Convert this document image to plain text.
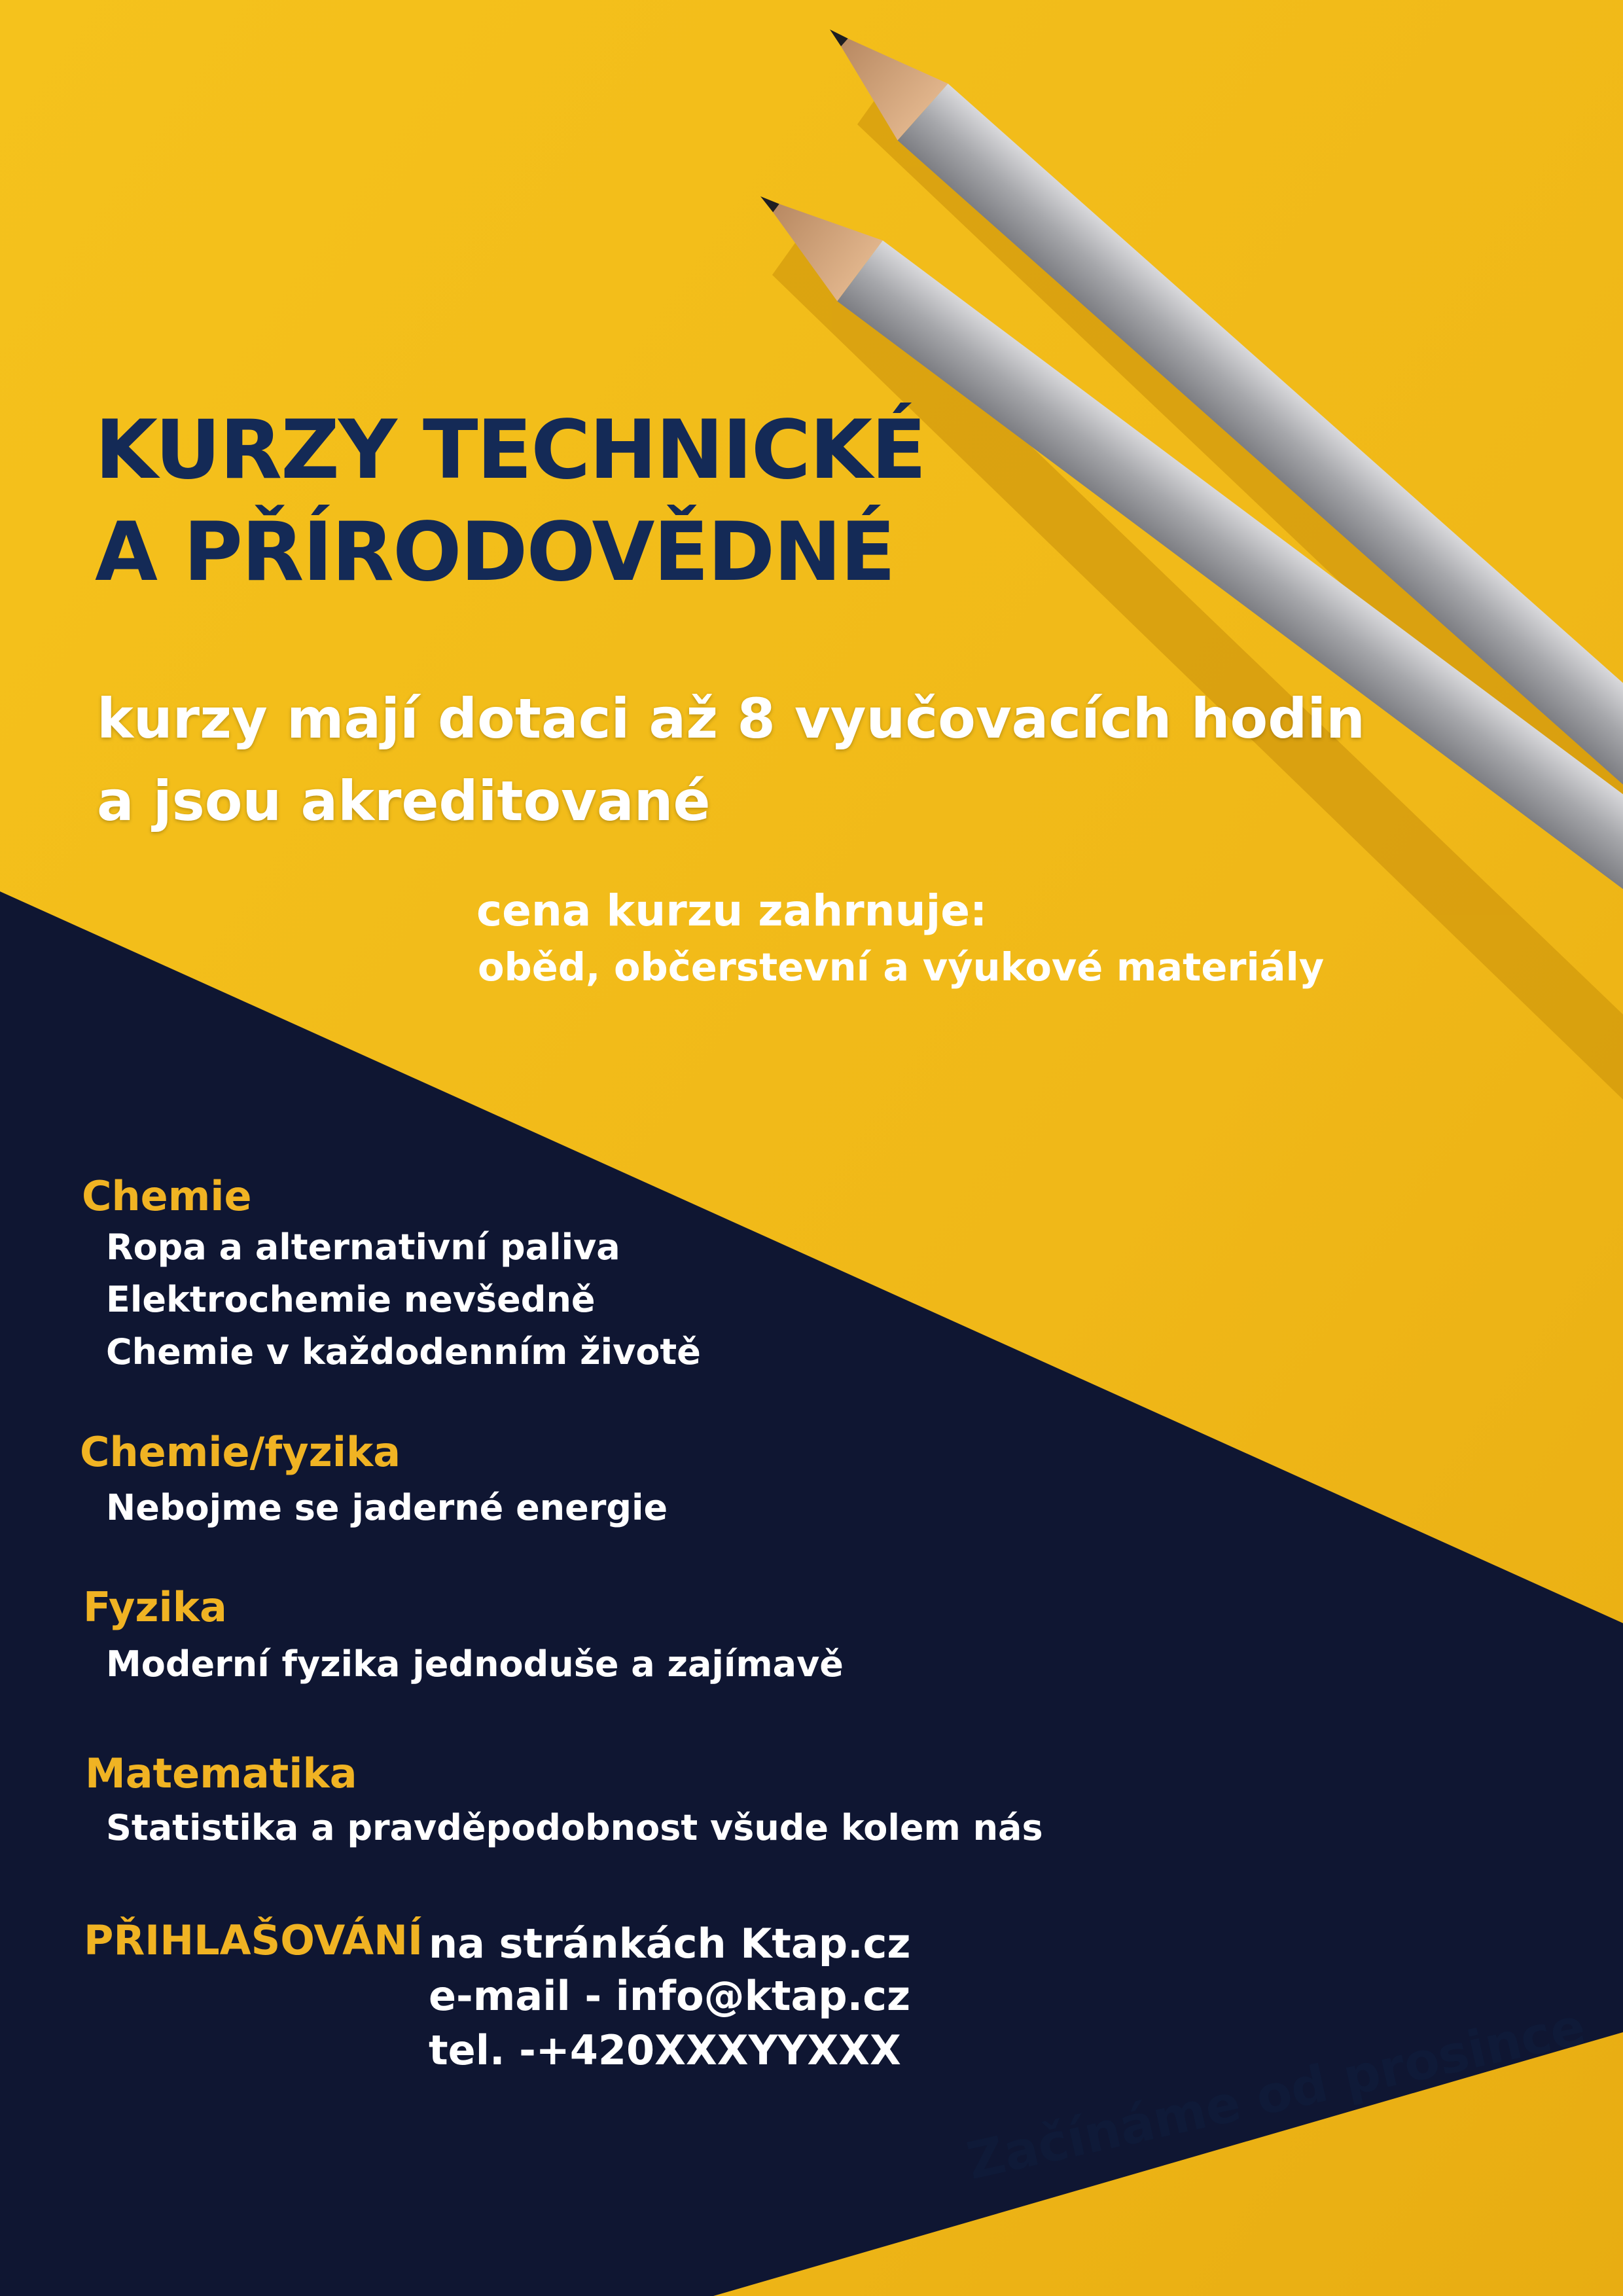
KURZY TECHNICKÉ
A PŘÍRODOVĚDNÉ
kurzy mají dotaci až 8 vyučovacích hodin
a jsou akreditované
cena kurzu zahrnuje:
oběd, občerstevní a výukové materiály
Chemie
Ropa a alternativní paliva
Elektrochemie nevšedně
Chemie v každodenním životě
Chemie/fyzika
Nebojme se jaderné energie
Fyzika
Moderní fyzika jednoduše a zajímavě
Matematika
Statistika a pravděpodobnost všude kolem nás
PŘIHLAŠOVÁNÍ na stránkách Ktap.cz
e-mail - info@ktap.cz
tel. -+420XXXYYXXX Začínáme od prosince
